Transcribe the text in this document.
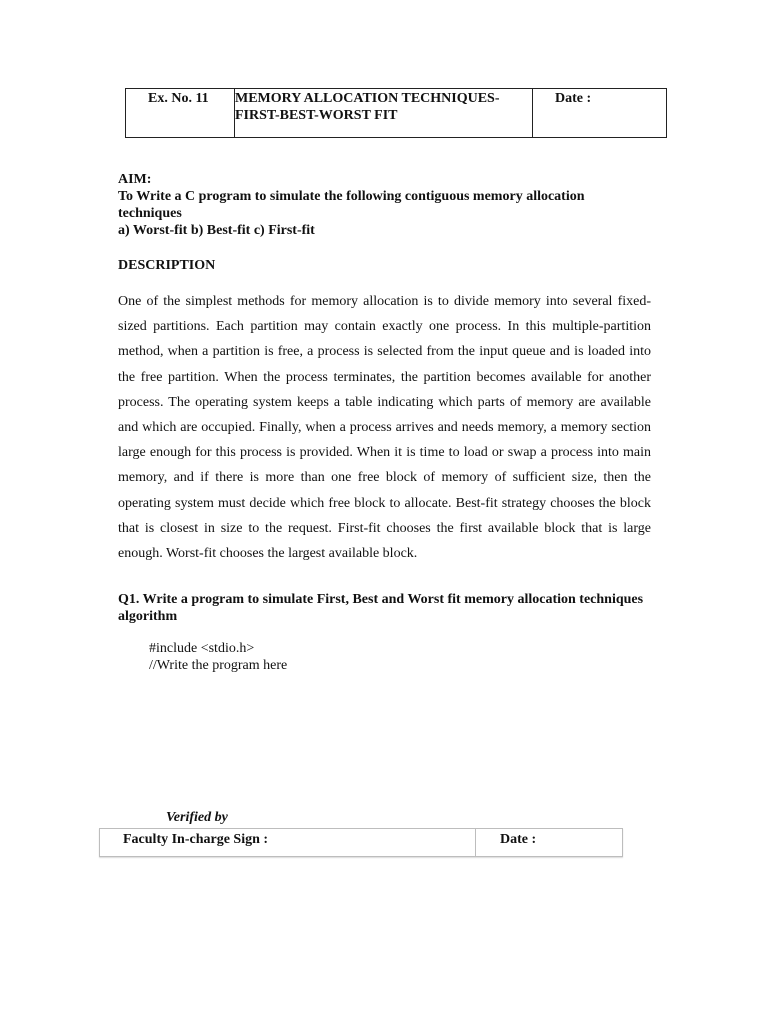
Ex. No. 11	MEMORY ALLOCATION TECHNIQUES-
FIRST-BEST-WORST FIT
Date :
AIM:
To Write a C program to simulate the following contiguous memory allocation
techniques
a) Worst-fit b) Best-fit c) First-fit
DESCRIPTION
One of the simplest methods for memory allocation is to divide memory into several fixed-sized partitions. Each partition may contain exactly one process. In this multiple-partition method, when a partition is free, a process is selected from the input queue and is loaded into the free partition. When the process terminates, the partition becomes available for another process. The operating system keeps a table indicating which parts of memory are available and which are occupied. Finally, when a process arrives and needs memory, a memory section large enough for this process is provided. When it is time to load or swap a process into main memory, and if there is more than one free block of memory of sufficient size, then the operating system must decide which free block to allocate. Best-fit strategy chooses the block that is closest in size to the request. First-fit chooses the first available block that is large enough. Worst-fit chooses the largest available block.
Q1. Write a program to simulate First, Best and Worst fit memory allocation techniques
algorithm
#include <stdio.h>
//Write the program here
Verified by
Faculty In-charge Sign :	Date :
